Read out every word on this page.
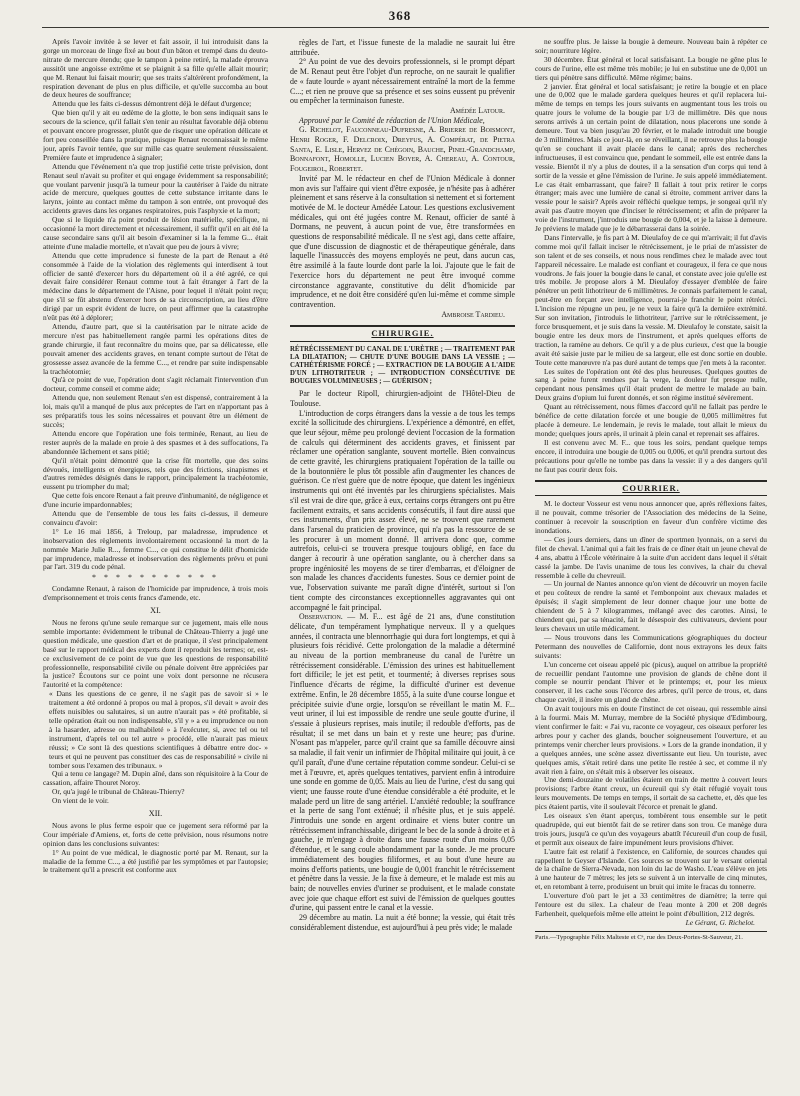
368

Après l'avoir invitée à se lever et fait assoir, il lui introduisit dans la gorge un morceau de linge fixé au bout d'un bâton et trempé dans du deuto-nitrate de mercure étendu; que le tampon à peine retiré, la malade éprouva aussitôt une angoisse extrême et se plaignit à sa fille qu'elle allait mourir; que M. Renaut lui faisait mourir; que ses traits s'altérèrent profondément, la respiration devenant de plus en plus difficile, et qu'elle succomba au bout de deux heures de souffrance;

Attendu que les faits ci-dessus démontrent déjà le défaut d'urgence;

Que bien qu'il y ait eu œdème de la glotte, le bon sens indiquait sans le secours de la science, qu'il fallait s'en tenir au résultat favorable déjà obtenu et pouvant encore progresser, plutôt que de risquer une opération délicate et fort peu conseillée dans la pratique, puisque Renaut reconnaissait le même jour, après l'avoir tentée, que sur mille cas quatre seulement réussissaient. Première faute et imprudence à signaler;

Attendu que l'événement n'a que trop justifié cette triste prévision, dont Renaut seul n'avait su profiter et qui engage évidemment sa responsabilité; que voulant parvenir jusqu'à la tumeur pour la cautériser à l'aide du nitrate acide de mercure, quelques gouttes de cette substance irritante dans le larynx, jointe au contact même du tampon à son entrée, ont provoqué des accidents graves dans les organes respiratoires, puis l'asphyxie et la mort;

Que si le liquide n'a point produit de lésion matérielle, spécifique, ni occasionné la mort directement et nécessairement, il suffit qu'il en ait été la cause secondaire sans qu'il ait besoin d'examiner si la la femme G... était atteinte d'une maladie mortelle, et n'avait que peu de jours à vivre;

Attendu que cette imprudence si funeste de la part de Renaut a été consommée à l'aide de la violation des règlements qui interdisent à tout officier de santé d'exercer hors du département où il a été agréé, ce qui devait faire considérer Renaut comme tout à fait étranger à l'art de la médecine dans le département de l'Aisne, pour lequel il n'était point reçu; que s'il se fût abstenu d'exercer hors de sa circonscription, au lieu d'être dirigé par un esprit évident de lucre, on peut affirmer que la catastrophe n'eût pas été à déplorer;

Attendu, d'autre part, que si la cautérisation par le nitrate acide de mercure n'est pas habituellement rangée parmi les opérations dites de grande chirurgie, il faut reconnaître du moins que, par sa délicatesse, elle pouvait amener des accidents graves, en tenant compte surtout de l'état de grossesse assez avancée de la femme C..., et rendre par suite indispensable la trachéotomie;

Qu'à ce point de vue, l'opération dont s'agit réclamait l'intervention d'un docteur, comme conseil et comme aide;

Attendu que, non seulement Renaut s'en est dispensé, contrairement à la loi, mais qu'il a manqué de plus aux préceptes de l'art en n'apportant pas à ses préparatifs tous les soins nécessaires et pouvant être un élément de succès;

Attendu encore que l'opération une fois terminée, Renaut, au lieu de rester auprès de la malade en proie à des spasmes et à des suffocations, l'a abandonnée lâchement et sans pitié;

Qu'il n'était point démontré que la crise fût mortelle, que des soins dévoués, intelligents et énergiques, tels que des frictions, sinapismes et d'autres remèdes désignés dans le rapport, principalement la trachéotomie, eussent pu triompher du mal;

Que cette fois encore Renaut a fait preuve d'inhumanité, de négligence et d'une incurie impardonnables;

Attendu que de l'ensemble de tous les faits ci-dessus, il demeure convaincu d'avoir:

1° Le 16 mai 1856, à Treloup, par maladresse, imprudence et inobservation des règlements involontairement occasionné la mort de la nommée Marie Julie R..., femme C..., ce qui constitue le délit d'homicide par imprudence, maladresse et inobservation des règlements prévu et puni par l'art. 319 du code pénal.

* * * * * * * * * * *

Condamne Renaut, à raison de l'homicide par imprudence, à trois mois d'emprisonnement et trois cents francs d'amende, etc.

XI.

Nous ne ferons qu'une seule remarque sur ce jugement, mais elle nous semble importante: évidemment le tribunal de Château-Thierry a jugé une question médicale, une question d'art et de pratique, il s'est principalement basé sur le rapport médical des experts dont il reproduit les termes; or, est-ce exclusivement de ce point de vue que les questions de responsabilité professionnelle, responsabilité civile ou pénale doivent être appréciées par la justice? Écoutons sur ce point une voix dont personne ne récusera l'autorité et la compétence:

« Dans les questions de ce genre, il ne s'agit pas de savoir si » le traitement a été ordonné à propos ou mal à propos, s'il devait » avoir des effets nuisibles ou salutaires, si un autre n'aurait pas » été profitable, si telle opération était ou non indispensable, s'il y » a eu imprudence ou non à la hasarder, adresse ou malhabileté » à l'exécuter, si, avec tel ou tel instrument, d'après tel ou tel autre » procédé, elle n'aurait pas mieux réussi; » Ce sont là des questions scientifiques à débattre entre doc- » teurs et qui ne peuvent pas constituer des cas de responsabilité » civile ni tomber sous l'examen des tribunaux. »

Qui a tenu ce langage? M. Dupin aîné, dans son réquisitoire à la Cour de cassation, affaire Thouret Noroy.

Or, qu'a jugé le tribunal de Château-Thierry?

On vient de le voir.

XII.

Nous avons le plus ferme espoir que ce jugement sera réformé par la Cour impériale d'Amiens, et, forts de cette prévision, nous résumons notre opinion dans les conclusions suivantes:

1° Au point de vue médical, le diagnostic porté par M. Renaut, sur la maladie de la femme C..., a été justifié par les symptômes et par l'autopsie; le traitement qu'il a prescrit est conforme aux

règles de l'art, et l'issue funeste de la maladie ne saurait lui être attribuée.

2° Au point de vue des devoirs professionnels, si le prompt départ de M. Renaut peut être l'objet d'un reproche, on ne saurait le qualifier de « faute lourde » ayant nécessairement entraîné la mort de la femme C...; et rien ne prouve que sa présence et ses soins eussent pu prévenir ou empêcher la terminaison funeste.

Amédée Latour.

Approuvé par le Comité de rédaction de l'Union Médicale,

G. Richelot, Fauconneau-Dufresne, A. Brierre de Boismont, Henri Roger, F. Delcroix, Dreyfus, A. Compérat, de Pietra Santa, E. Lisle, Hervez de Chégoin, Bauche, Pinel-Grandchamp, Bonnafont, Homolle, Lucien Boyer, A. Chereau, A. Contour, Fougeirol, Robertet.

Invité par M. le rédacteur en chef de l'Union Médicale à donner mon avis sur l'affaire qui vient d'être exposée, je n'hésite pas à adhérer pleinement et sans réserve à la consultation si nettement et si fortement motivée de M. le docteur Amédée Latour. Les questions exclusivement médicales, qui ont été jugées contre M. Renaut, officier de santé à Dormans, ne peuvent, à aucun point de vue, être transformées en questions de responsabilité médicale. Il ne s'est agi, dans cette affaire, que d'une discussion de diagnostic et de thérapeutique générale, dans laquelle l'inassuccès des moyens employés ne peut, dans aucun cas, être assimilé à la faute lourde dont parle la loi. J'ajoute que le fait de l'exercice hors du département ne peut être invoqué comme circonstance aggravante, constitutive du délit d'homicide par imprudence, et ne doit être considéré qu'en lui-même et comme simple contravention.

Ambroise Tardieu.

CHIRURGIE.

RÉTRÉCISSEMENT DU CANAL DE L'URÈTRE ; — TRAITEMENT PAR LA DILATATION; — CHUTE D'UNE BOUGIE DANS LA VESSIE ; — CATHÉTÉRISME FORCÉ ; — EXTRACTION DE LA BOUGIE A L'AIDE D'UN LITHOTRITEUR ; — INTRODUCTION CONSÉCUTIVE DE BOUGIES VOLUMINEUSES ; — GUÉRISON ;

Par le docteur Ripoll, chirurgien-adjoint de l'Hôtel-Dieu de Toulouse.

L'introduction de corps étrangers dans la vessie a de tous les temps excité la sollicitude des chirurgiens. L'expérience a démontré, en effet, que leur séjour, même peu prolongé devient l'occasion de la formation de calculs qui déterminent des accidents graves, et finissent par réclamer une opération sanglante, souvent mortelle. Bien convaincus de cette gravité, les chirurgiens pratiquaient l'opération de la taille ou de la boutonnière le plus tôt possible afin d'augmenter les chances de guérison. Ce n'est guère que de notre époque, que datent les ingénieux instruments qui ont été inventés par les chirurgiens spécialistes. Mais s'il est vrai de dire que, grâce à eux, certains corps étrangers ont pu être facilement extraits, et sans accidents consécutifs, il faut dire aussi que ces instruments, d'un prix assez élevé, ne se trouvent que rarement dans l'arsenal du praticien de province, qui n'a pas la ressource de se les procurer à un moment donné. Il arrivera donc que, comme autrefois, celui-ci se trouvera presque toujours obligé, en face du danger à recourir à une opération sanglante, ou à chercher dans sa propre ingéniosité les moyens de se tirer d'embarras, et d'éloigner de son malade les chances d'accidents funestes. Sous ce dernier point de vue, l'observation suivante me paraît digne d'intérêt, surtout si l'on tient compte des circonstances exceptionnelles aggravantes qui ont accompagné le fait principal.

Observation. — M. F... est âgé de 21 ans, d'une constitution délicate, d'un tempérament lymphatique nerveux. Il y a quelques années, il contracta une blennorrhagie qui dura fort longtemps, et qui à plusieurs fois récidivé. Cette prolongation de la maladie a déterminé au niveau de la portion membraneuse du canal de l'urètre un rétrécissement considérable. L'émission des urines est habituellement fort difficile; le jet est petit, et tourmenté; à diverses reprises sous l'influence d'écarts de régime, la difficulté d'uriner est devenue extrême. Enfin, le 28 décembre 1855, à la suite d'une course longue et précipitée suivie d'une orgie, lorsqu'on se réveillant le matin M. F... veut uriner, il lui est impossible de rendre une seule goutte d'urine, il s'essaie à plusieurs reprises, mais inutile; il redouble d'efforts, pas de résultat; il se met dans un bain et y reste une heure; pas d'urine. N'osant pas m'appeler, parce qu'il craint que sa famille découvre ainsi sa maladie, il fait venir un infirmier de l'hôpital militaire qui jouit, à ce qu'il paraît, d'une d'une certaine réputation comme sondeur. Celui-ci se met à l'œuvre, et, après quelques tentatives, parvient enfin à introduire une sonde en gomme de 0,05. Mais au lieu de l'urine, c'est du sang qui vient; une fausse route d'une étendue considérable a été produite, et le malade perd un litre de sang artériel. L'anxiété redouble; la souffrance et la perte de sang l'ont exténué; il n'hésite plus, et je suis appelé. J'introduis une sonde en argent ordinaire et viens buter contre un rétrécissement infranchissable, dirigeant le bec de la sonde à droite et à gauche, je m'engage à droite dans une fausse route d'un moins 0,05 d'étendue, et le sang coule abondamment par la sonde. Je me procure immédiatement des bougies filiformes, et au bout d'une heure au moins d'efforts patients, une bougie de 0,001 franchit le rétrécissement et pénètre dans la vessie. Je la fixe à demeure, et le malade est mis au bain; de nouvelles envies d'uriner se produisent, et le malade constate avec joie que chaque effort est suivi de l'émission de quelques gouttes d'urine, qui passent entre le canal et la vessie.

29 décembre au matin. La nuit a été bonne; la vessie, qui était très considérablement distendue, est aujourd'hui à peu près vide; le malade

ne souffre plus. Je laisse la bougie à demeure. Nouveau bain à répéter ce soir; nourriture légère.

30 décembre. État général et local satisfaisant. La bougie ne gêne plus le cours de l'urine, elle est même très mobile; je lui en substitue une de 0,001 un tiers qui pénètre sans difficulté. Même régime; bains.

2 janvier. État général et local satisfaisant; je retire la bougie et en place une de 0,002 que le malade gardera quelques heures et qu'il replacera lui-même de temps en temps les jours suivants en augmentant tous les trois ou quatre jours le volume de la bougie par 1/3 de millimètre. Dès que nous serons arrivés à un certain point de dilatation, nous placerons une sonde à demeure. Tout va bien jusqu'au 20 février, et le malade introduit une bougie de 3 millimètres. Mais ce jour-là, en se réveillant, il ne retrouve plus la bougie qu'en se couchant il avait placée dans le canal; après des recherches infructueuses, il est convaincu que, pendant le sommeil, elle est entrée dans la vessie. Bientôt il n'y a plus de doutes, il a la sensation d'un corps qui tend à sortir de la vessie et gêne l'émission de l'urine. Je suis appelé immédiatement. Le cas était embarrassant, que faire? Il fallait à tout prix retirer le corps étranger; mais avec une lumière de canal si étroite, comment arriver dans la vessie pour le saisir? Après avoir réfléchi quelque temps, je songeai qu'il n'y avait pas d'autre moyen que d'inciser le rétrécissement; et afin de préparer la voie de l'instrument, j'introduis une bougie de 0,004, et je la laisse à demeure. Je préviens le malade que je le débarrasserai dans la soirée.

Dans l'intervalle, je fis part à M. Dieulafoy de ce qui m'arrivait; il fut d'avis comme moi qu'il fallait inciser le rétrécissement, je le priai de m'assister de son talent et de ses conseils, et nous nous rendîmes chez le malade avec tout l'appareil nécessaire. Le malade est confiant et courageux, il fera ce que nous voudrons. Je fais jouer la bougie dans le canal, et constate avec joie qu'elle est très mobile. Je propose alors à M. Dieulafoy d'essayer d'emblée de faire pénétrer un petit lithotriteur de 6 millimètres. Je connais parfaitement le canal, peut-être en forçant avec intelligence, pourrai-je franchir le point rétréci. L'incision me répugne un peu, je ne veux la faire qu'à la dernière extrémité. Sur son invitation, j'introduis le lithotriteur, j'arrive sur le rétrécissement, je force brusquement, et je suis dans la vessie. M. Dieulafoy le constate, saisit la bougie entre les deux mors de l'instrument, et après quelques efforts de traction, la ramène au dehors. Ce qu'il y a de plus curieux, c'est que la bougie avait été saisie juste par le milieu de sa largeur, elle est donc sortie en double. Toute cette manœuvre n'a pas duré autant de temps que j'en mets à la raconter.

Les suites de l'opération ont été des plus heureuses. Quelques gouttes de sang à peine furent rendues par la verge, la douleur fut presque nulle, cependant nous pensâmes qu'il était prudent de mettre le malade au bain. Deux grains d'opium lui furent donnés, et son régime institué sévèrement.

Quant au rétrécissement, nous fûmes d'accord qu'il ne fallait pas perdre le bénéfice de cette dilatation forcée et une bougie de 0,005 millimètres fut placée à demeure. Le lendemain, je revis le malade, tout allait le mieux du monde; quelques jours après, il urinait à plein canal et reprenait ses affaires.

Il est convenu avec M. F... que tous les soirs, pendant quelque temps encore, il introduira une bougie de 0,005 ou 0,006, et qu'il prendra surtout des précautions pour qu'elle ne tombe pas dans la vessie: il y a des dangers qu'il ne faut pas courir deux fois.

COURRIER.

M. le docteur Vosseur est venu nous annoncer que, après réflexions faites, il ne pouvait, comme trésorier de l'Association des médecins de la Seine, continuer à recevoir la souscription en faveur d'un confrère victime des inondations.

— Ces jours derniers, dans un dîner de sportmen lyonnais, on a servi du filet de cheval. L'animal qui a fait les frais de ce dîner était un jeune cheval de 4 ans, abattu à l'École vétérinaire à la suite d'un accident dans lequel il s'était cassé la jambe. De l'avis unanime de tous les convives, la chair du cheval ressemble à celle du chevreuil.

— Un journal de Nantes annonce qu'on vient de découvrir un moyen facile et peu coûteux de rendre la santé et l'embonpoint aux chevaux malades et épuisés; il s'agit simplement de leur donner chaque jour une botte de chiendent de 5 à 7 kilogrammes, mélangé avec des carottes. Ainsi, le chiendent qui, par sa ténacité, fait le désespoir des cultivateurs, devient pour leurs chevaux un utile médicament.

— Nous trouvons dans les Communications géographiques du docteur Petermann des nouvelles de Californie, dont nous extrayons les deux faits suivants:

L'un concerne cet oiseau appelé pic (picus), auquel on attribue la propriété de recueillir pendant l'automne une provision de glands de chêne dont il comple se nourrir pendant l'hiver et le printemps; et, pour les mieux conserver, il les cache sous l'écorce des arbres, qu'il perce de trous, et, dans chaque cavité, il insère un gland de chêne.

On avait toujours mis en doute l'instinct de cet oiseau, qui ressemble ainsi à la fourmi. Mais M. Murray, membre de la Société physique d'Edimbourg, vient confirmer le fait: « J'ai vu, raconte ce voyageur, ces oiseaux perforer les arbres pour y cacher des glands, boucher soigneusement l'ouverture, et au printemps venir chercher leurs provisions. » Lors de la grande inondation, il y a quelques années, une scène assez divertissante eut lieu. Un touriste, avec quelques amis, s'était retiré dans une petite île restée à sec, et comme il n'y avait rien à faire, on s'était mis à observer les oiseaux.

Une demi-douzaine de volatiles étaient en train de mettre à couvert leurs provisions; l'arbre étant creux, un écureuil qui s'y était réfugié voyait tous leurs mouvements. De temps en temps, il sortait de sa cachette, et, dès que les pics étaient partis, vite il soulevait l'écorce et prenait le gland.

Les oiseaux s'en étant aperçus, tombèrent tous ensemble sur le petit quadrupède, qui eut bientôt fait de se retirer dans son trou. Ce manège dura trois jours, jusqu'à ce qu'un des voyageurs abattît l'écureuil d'un coup de fusil, et permît aux oiseaux de faire impunément leurs provisions d'hiver.

L'autre fait est relatif à l'existence, en Californie, de sources chaudes qui rappellent le Geyser d'Islande. Ces sources se trouvent sur le versant oriental de la chaîne de Sierra-Nevada, non loin du lac de Washo. L'eau s'élève en jets à une hauteur de 7 mètres; les jets se suivent à un intervalle de cinq minutes, et, en retombant à terre, produisent un bruit qui imite le fracas du tonnerre.

L'ouverture d'où part le jet a 33 centimètres de diamètre; la terre qui l'entoure est du silex. La chaleur de l'eau monte à 200 et 208 degrés Farhenheit, quelquefois même elle atteint le point d'ébullition, 212 degrés.

Le Gérant, G. Richelot.

Paris.—Typographie Félix Malteste et Cᵉ, rue des Deux-Portes-St-Sauveur, 21.
